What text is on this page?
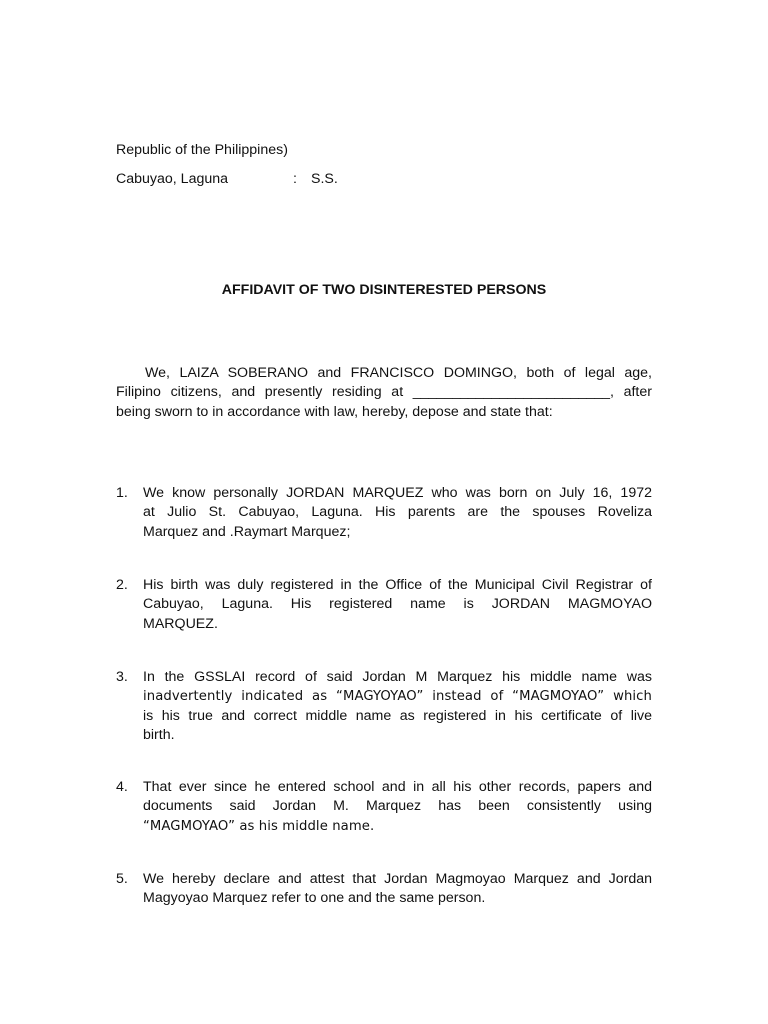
Republic of the Philippines)
Cabuyao, Laguna	: S.S.
AFFIDAVIT OF TWO DISINTERESTED PERSONS

We, LAIZA SOBERANO and FRANCISCO DOMINGO, both of legal age,

Filipino citizens, and presently residing at _________________________, after

being sworn to in accordance with law, hereby, depose and state that:

1.	We know personally JORDAN MARQUEZ who was born on July 16, 1972
at Julio St. Cabuyao, Laguna. His parents are the spouses Roveliza
Marquez and .Raymart Marquez;
2.	His birth was duly registered in the Office of the Municipal Civil Registrar of
Cabuyao, Laguna. His registered name is JORDAN MAGMOYAO
MARQUEZ.
3.	In the GSSLAI record of said Jordan M Marquez his middle name was
inadvertently indicated as “MAGYOYAO” instead of “MAGMOYAO” which
is his true and correct middle name as registered in his certificate of live
birth.
4.	That ever since he entered school and in all his other records, papers and
documents said Jordan M. Marquez has been consistently using
“MAGMOYAO” as his middle name.
5.	We hereby declare and attest that Jordan Magmoyao Marquez and Jordan
Magyoyao Marquez refer to one and the same person.
